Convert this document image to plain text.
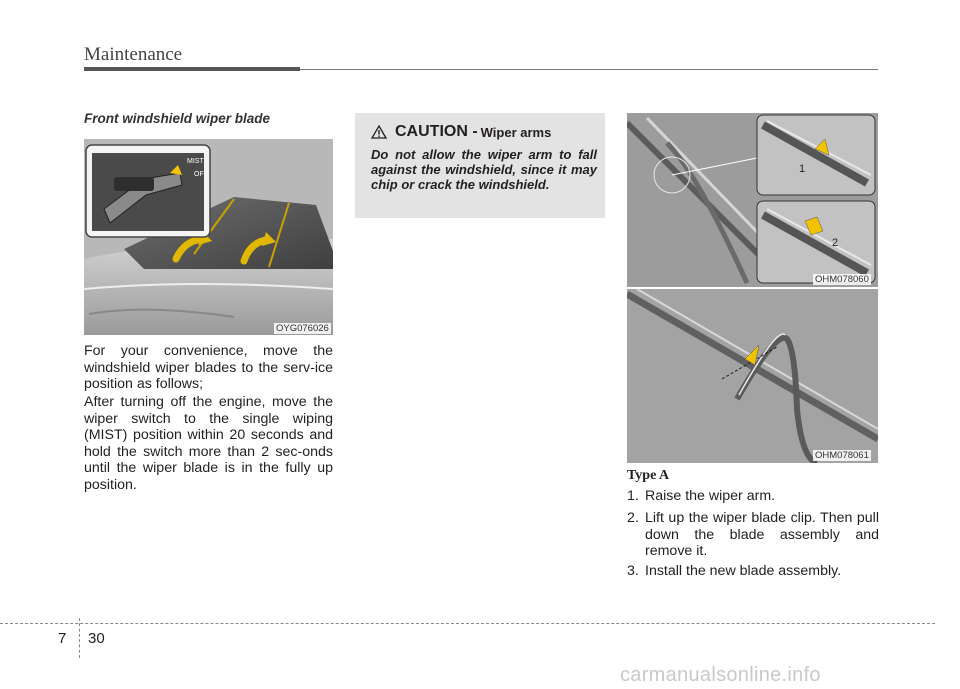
Maintenance
Front windshield wiper blade
MIST
OFF
OYG076026

For your convenience, move the windshield wiper blades to the serv-ice position as follows;

After turning off the engine, move the wiper switch to the single wiping (MIST) position within 20 seconds and hold the switch more than 2 sec-onds until the wiper blade is in the fully up position.

CAUTION - Wiper arms
Do not allow the wiper arm to fall against the windshield, since it may chip or crack the windshield.
1
2
OHM078060
OHM078061
Type A
1. Raise the wiper arm.
2. Lift up the wiper blade clip. Then pull down the blade assembly and remove it.
3. Install the new blade assembly.
7 30
carmanualsonline.info
